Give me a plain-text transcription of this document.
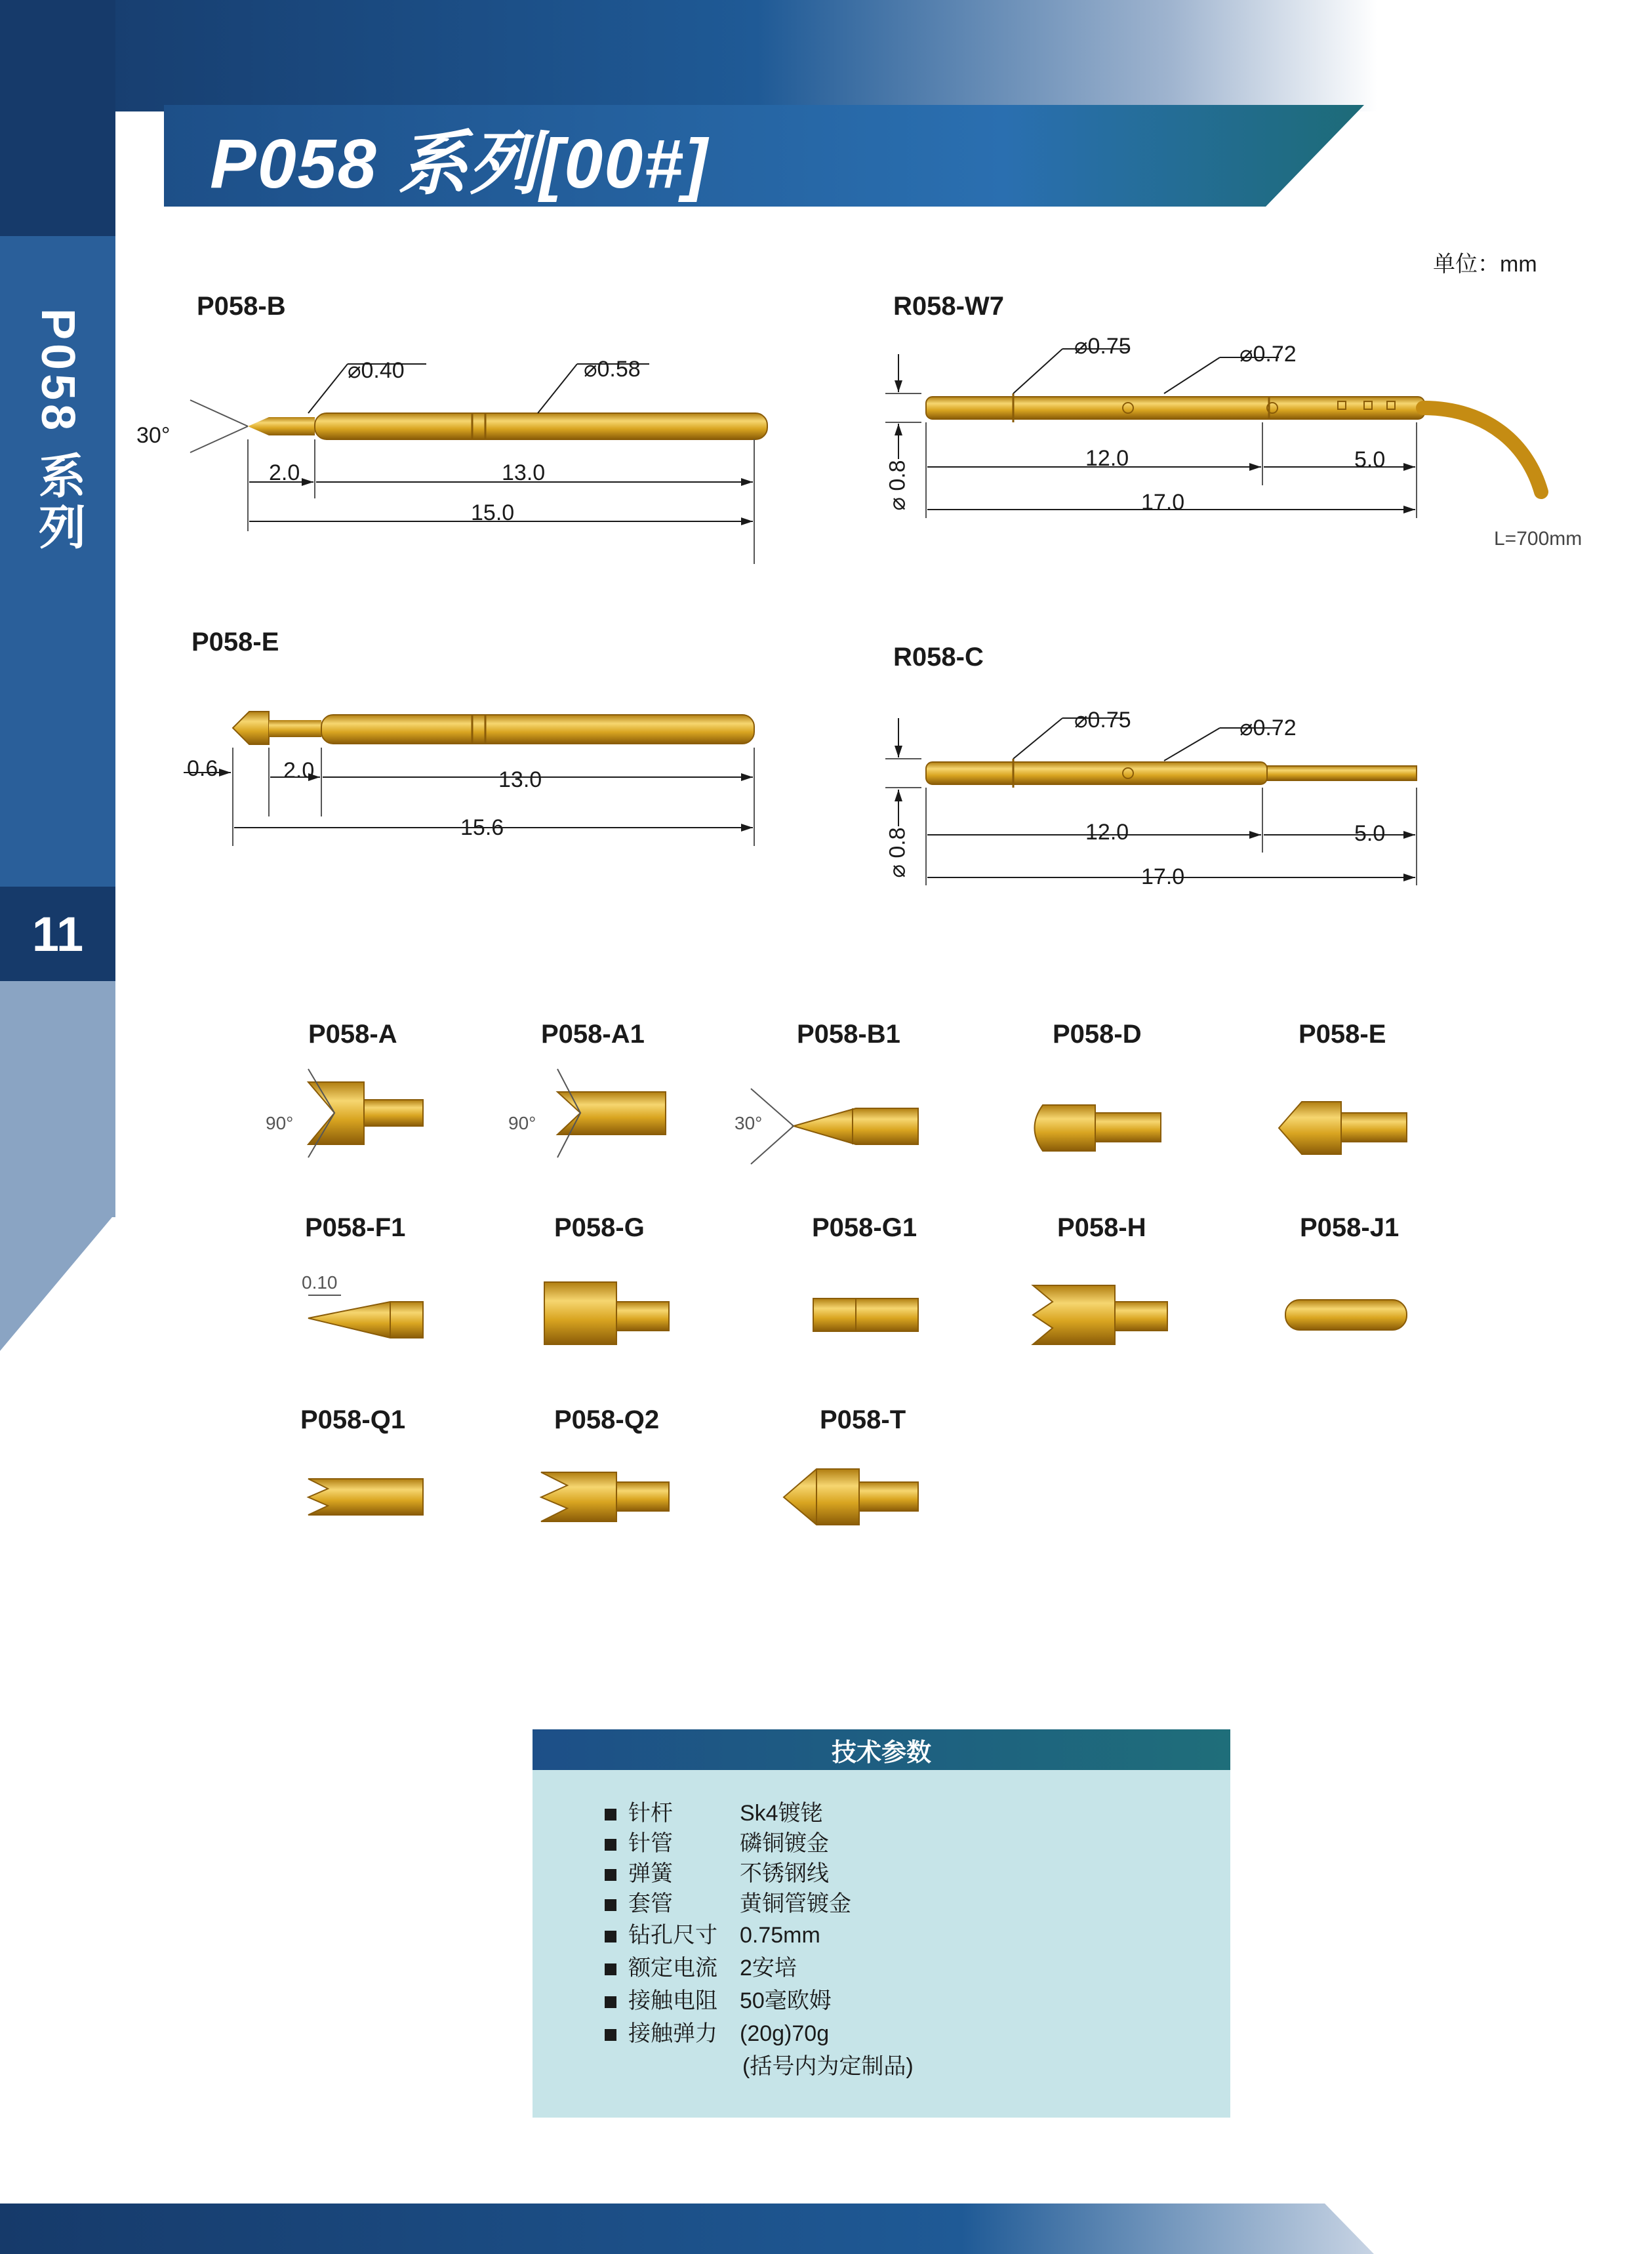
P058 系列
11
P058 系列[00#]
单位：mm
P058-B
⌀0.40	⌀0.58
30°
2.0	13.0
15.0
R058-W7
⌀0.75	⌀0.72
⌀ 0.8
12.0	5.0
17.0
L=700mm
P058-E
0.6	2.0	13.0
15.6
R058-C
⌀0.75	⌀0.72
⌀ 0.8	12.0	5.0
17.0
P058-A	P058-A1	P058-B1	P058-D	P058-E
P058-F1	P058-G	P058-G1	P058-H	P058-J1
P058-Q1	P058-Q2	P058-T
90°	90°	30°
0.10
技术参数
针杆	Sk4镀铑
针管	磷铜镀金
弹簧	不锈钢线
套管	黄铜管镀金
钻孔尺寸 0.75mm
额定电流 2安培
接触电阻 50毫欧姆
接触弹力 (20g)70g
(括号内为定制品)
